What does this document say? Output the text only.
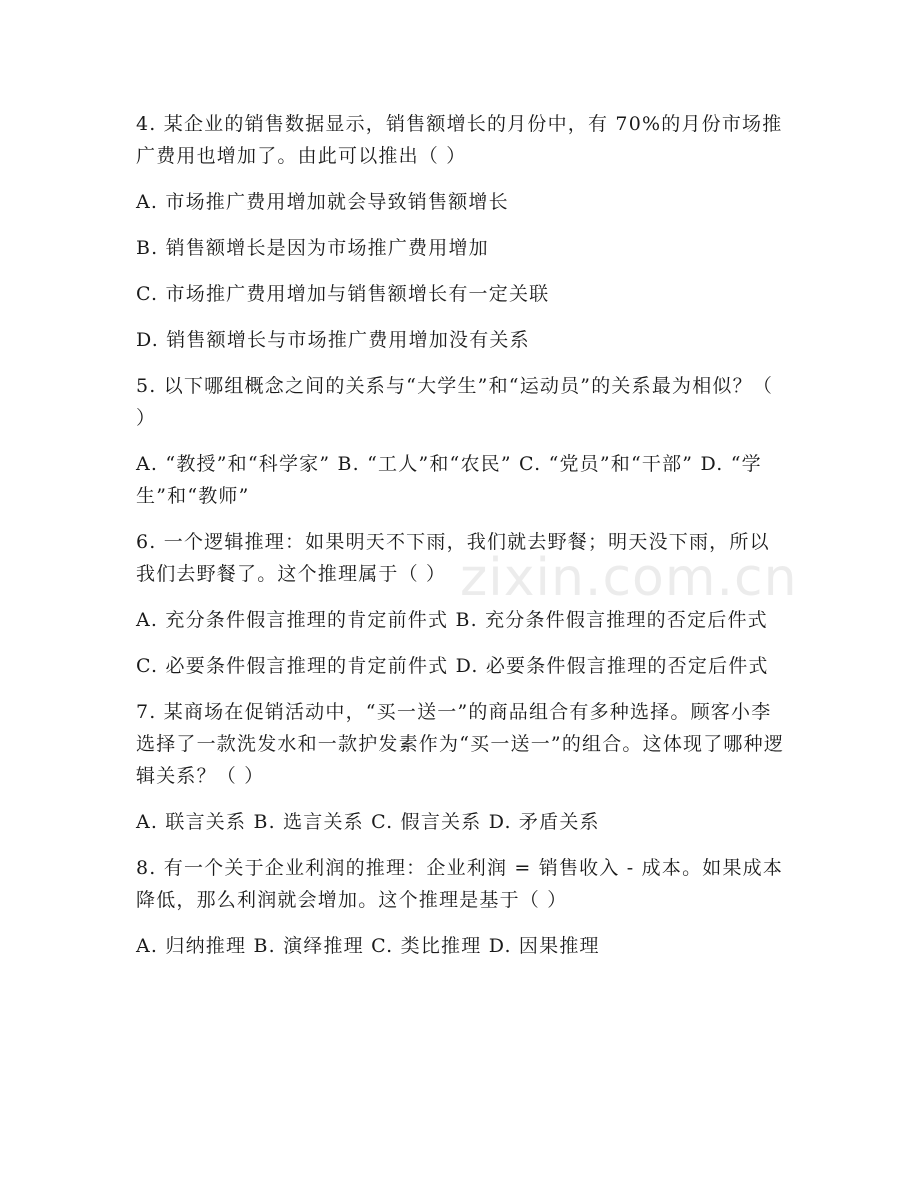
4. 某企业的销售数据显示，销售额增长的月份中，有 70%的月份市场推广费用也增加了。由此可以推出（ ）

A. 市场推广费用增加就会导致销售额增长

B. 销售额增长是因为市场推广费用增加

C. 市场推广费用增加与销售额增长有一定关联

D. 销售额增长与市场推广费用增加没有关系

5. 以下哪组概念之间的关系与“大学生”和“运动员”的关系最为相似？（ ）

A. “教授”和“科学家” B. “工人”和“农民” C. “党员”和“干部” D. “学生”和“教师”

6. 一个逻辑推理：如果明天不下雨，我们就去野餐；明天没下雨，所以我们去野餐了。这个推理属于（ ）

A. 充分条件假言推理的肯定前件式 B. 充分条件假言推理的否定后件式

C. 必要条件假言推理的肯定前件式 D. 必要条件假言推理的否定后件式

7. 某商场在促销活动中，“买一送一”的商品组合有多种选择。顾客小李选择了一款洗发水和一款护发素作为“买一送一”的组合。这体现了哪种逻辑关系？（ ）

A. 联言关系 B. 选言关系 C. 假言关系 D. 矛盾关系

8. 有一个关于企业利润的推理：企业利润 = 销售收入 - 成本。如果成本降低，那么利润就会增加。这个推理是基于（ ）

A. 归纳推理 B. 演绎推理 C. 类比推理 D. 因果推理

zixin.com.cn
